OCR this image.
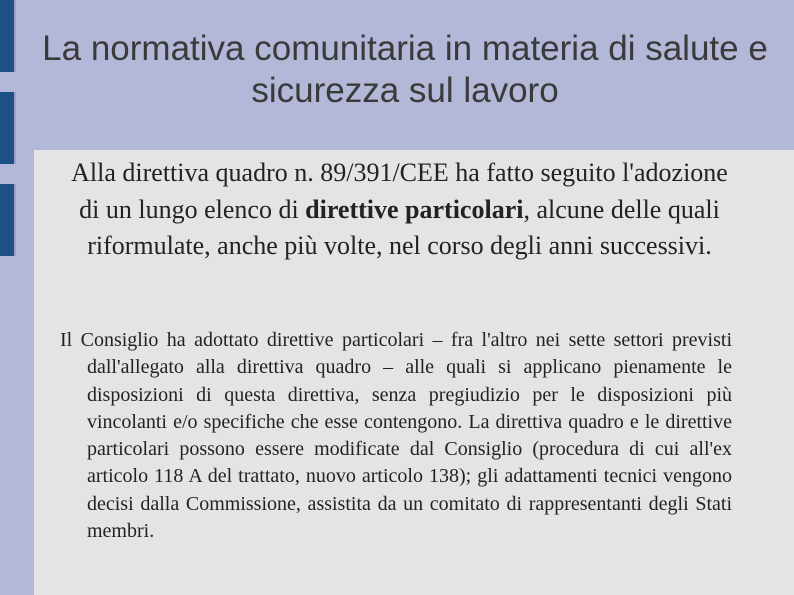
La normativa comunitaria in materia di salute e sicurezza sul lavoro

Alla direttiva quadro n. 89/391/CEE ha fatto seguito l'adozione di un lungo elenco di direttive particolari, alcune delle quali riformulate, anche più volte, nel corso degli anni successivi.

Il Consiglio ha adottato direttive particolari – fra l'altro nei sette settori previsti dall'allegato alla direttiva quadro – alle quali si applicano pienamente le disposizioni di questa direttiva, senza pregiudizio per le disposizioni più vincolanti e/o specifiche che esse contengono. La direttiva quadro e le direttive particolari possono essere modificate dal Consiglio (procedura di cui all'ex articolo 118 A del trattato, nuovo articolo 138); gli adattamenti tecnici vengono decisi dalla Commissione, assistita da un comitato di rappresentanti degli Stati membri.
